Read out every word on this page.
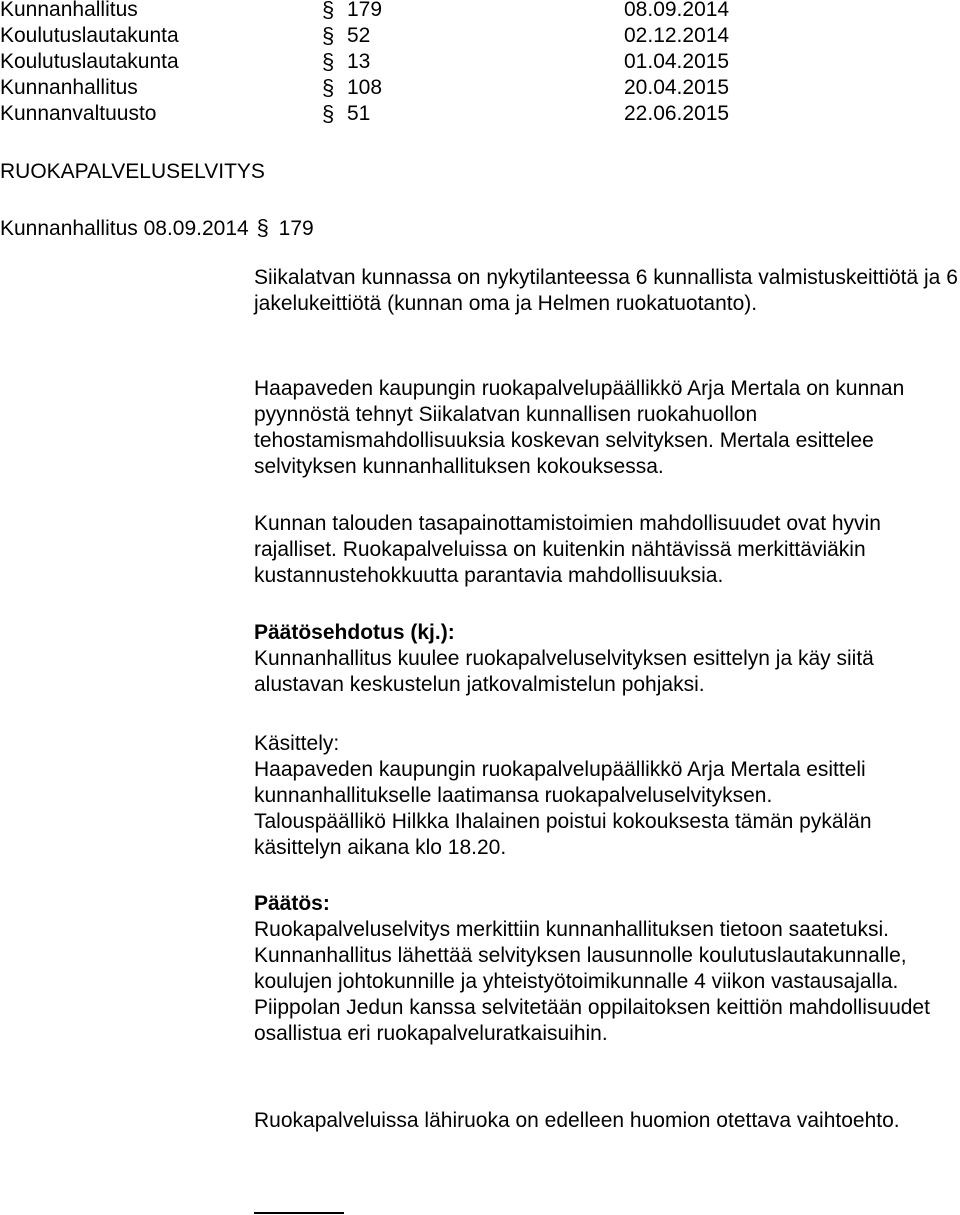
Kunnanhallitus	§ 179	08.09.2014
Koulutuslautakunta	§ 52	02.12.2014
Koulutuslautakunta	§ 13	01.04.2015
Kunnanhallitus	§ 108	20.04.2015
Kunnanvaltuusto	§ 51	22.06.2015
RUOKAPALVELUSELVITYS
Kunnanhallitus 08.09.2014 § 179

Siikalatvan kunnassa on nykytilanteessa 6 kunnallista valmistuskeittiötä ja 6 jakelukeittiötä (kunnan oma ja Helmen ruokatuotanto).

Haapaveden kaupungin ruokapalvelupäällikkö Arja Mertala on kunnan pyynnöstä tehnyt Siikalatvan kunnallisen ruokahuollon tehostamismahdollisuuksia koskevan selvityksen. Mertala esittelee selvityksen kunnanhallituksen kokouksessa.

Kunnan talouden tasapainottamistoimien mahdollisuudet ovat hyvin rajalliset. Ruokapalveluissa on kuitenkin nähtävissä merkittäviäkin kustannustehokkuutta parantavia mahdollisuuksia.

Päätösehdotus (kj.):

Kunnanhallitus kuulee ruokapalveluselvityksen esittelyn ja käy siitä alustavan keskustelun jatkovalmistelun pohjaksi.

Käsittely:

Haapaveden kaupungin ruokapalvelupäällikkö Arja Mertala esitteli kunnanhallitukselle laatimansa ruokapalveluselvityksen.

Talouspäällikö Hilkka Ihalainen poistui kokouksesta tämän pykälän käsittelyn aikana klo 18.20.

Päätös:

Ruokapalveluselvitys merkittiin kunnanhallituksen tietoon saatetuksi.

Kunnanhallitus lähettää selvityksen lausunnolle koulutuslautakunnalle, koulujen johtokunnille ja yhteistyötoimikunnalle 4 viikon vastausajalla.

Piippolan Jedun kanssa selvitetään oppilaitoksen keittiön mahdollisuudet osallistua eri ruokapalveluratkaisuihin.

Ruokapalveluissa lähiruoka on edelleen huomion otettava vaihtoehto.
